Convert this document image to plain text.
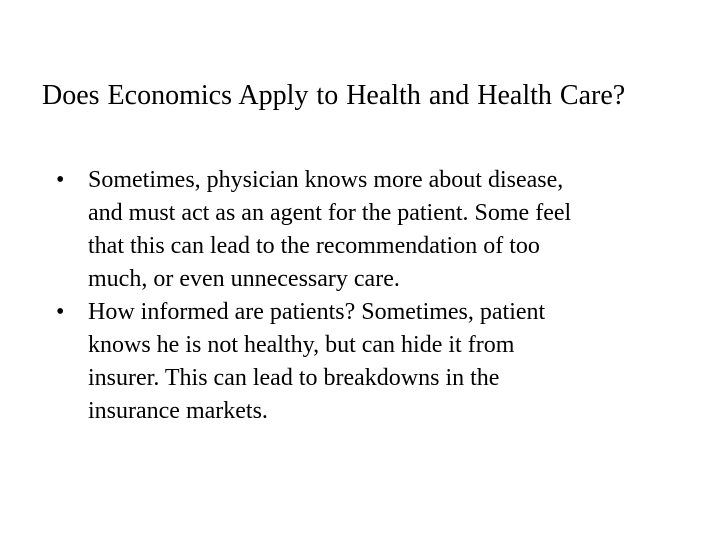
Does Economics Apply to Health and Health Care?
• Sometimes, physician knows more about disease,
and must act as an agent for the patient. Some feel
that this can lead to the recommendation of too
much, or even unnecessary care.
• How informed are patients? Sometimes, patient
knows he is not healthy, but can hide it from
insurer. This can lead to breakdowns in the
insurance markets.
